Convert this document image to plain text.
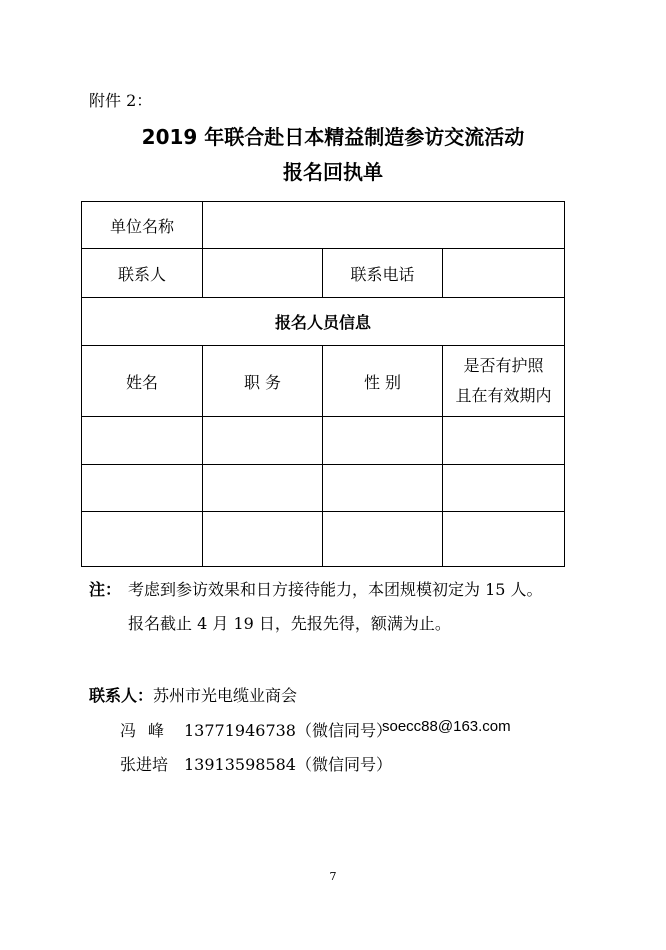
附件 2：
2019 年联合赴日本精益制造参访交流活动
报名回执单
单位名称			
联系人		联系电话	
报名人员信息			
姓名	职 务	性 别	是否有护照
且在有效期内

注： 考虑到参访效果和日方接待能力，本团规模初定为 15 人。
报名截止 4 月 19 日，先报先得，额满为止。
联系人： 苏州市光电缆业商会
冯峰 13771946738（微信同号）
soecc88@163.com
张进培 13913598584（微信同号）
7
